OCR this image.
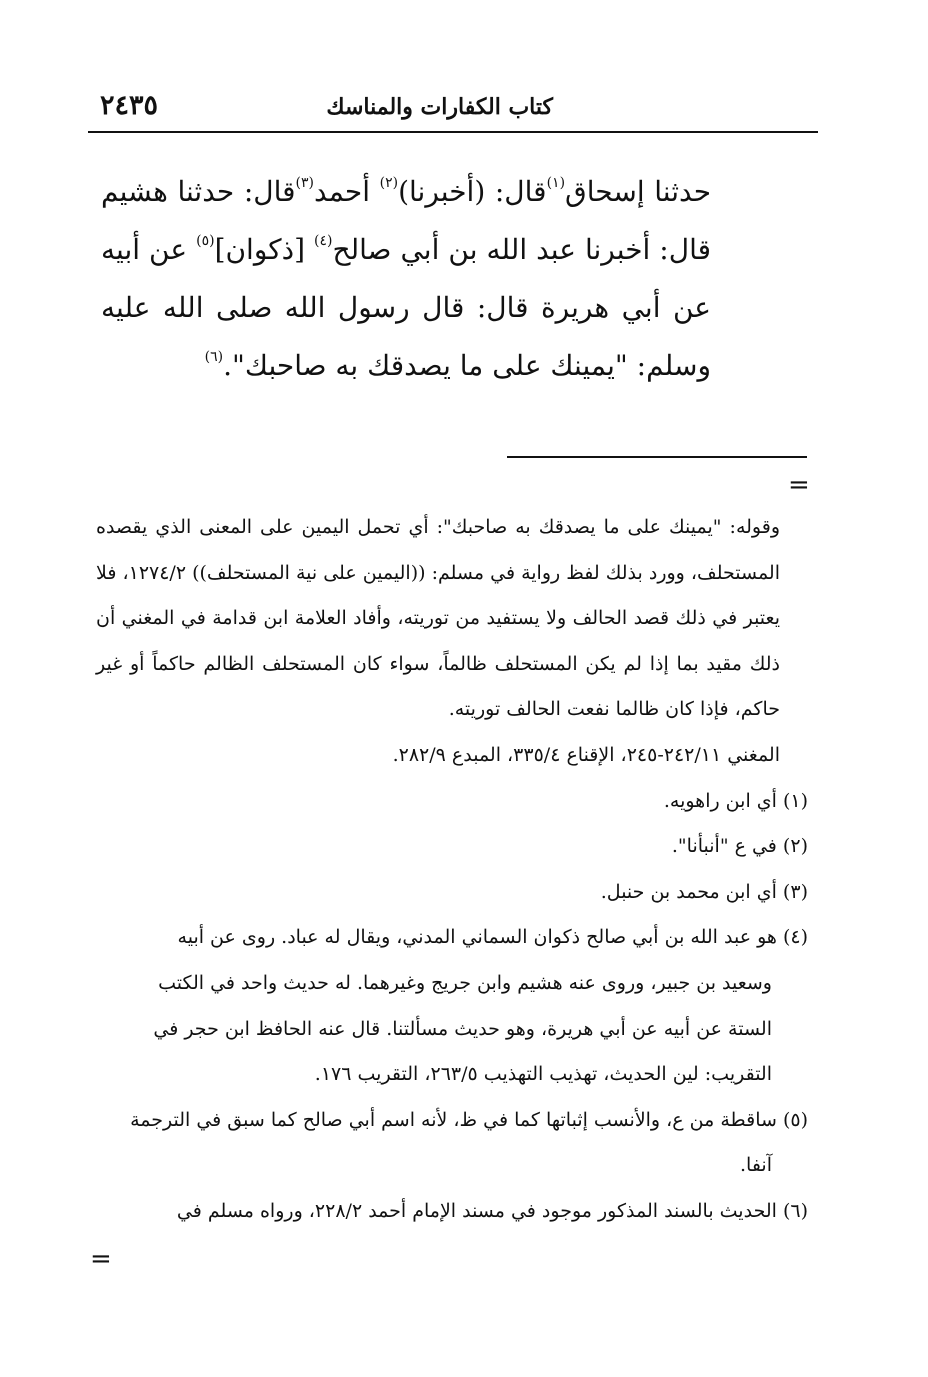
٢٤٣٥	كتاب الكفارات والمناسك

حدثنا إسحاق$^{(١)}$قال: (أخبرنا)$^{(٢)}$ أحمد$^{(٣)}$قال: حدثنا هشيم قال: أخبرنا عبد الله بن أبي صالح$^{(٤)}$ [ذكوان]$^{(٥)}$ عن أبيه عن أبي هريرة قال: قال رسول الله صلى الله عليه وسلم: "يمينك على ما يصدقك به صاحبك".$^{(٦)}$

=

وقوله: "يمينك على ما يصدقك به صاحبك": أي تحمل اليمين على المعنى الذي يقصده المستحلف، وورد بذلك لفظ رواية في مسلم: ((اليمين على نية المستحلف)) ١٢٧٤/٢، فلا يعتبر في ذلك قصد الحالف ولا يستفيد من توريته، وأفاد العلامة ابن قدامة في المغني أن ذلك مقيد بما إذا لم يكن المستحلف ظالماً، سواء كان المستحلف الظالم حاكماً أو غير حاكم، فإذا كان ظالما نفعت الحالف توريته.

المغني ٢٤٢/١١-٢٤٥، الإقناع ٣٣٥/٤، المبدع ٢٨٢/٩.

(١) أي ابن راهويه.

(٢) في ع "أنبأنا".

(٣) أي ابن محمد بن حنبل.

(٤) هو عبد الله بن أبي صالح ذكوان السماني المدني، ويقال له عباد. روى عن أبيه
وسعيد بن جبير، وروى عنه هشيم وابن جريج وغيرهما. له حديث واحد في الكتب
الستة عن أبيه عن أبي هريرة، وهو حديث مسألتنا. قال عنه الحافظ ابن حجر في
التقريب: لين الحديث، تهذيب التهذيب ٢٦٣/٥، التقريب ١٧٦.

(٥) ساقطة من ع، والأنسب إثباتها كما في ظ، لأنه اسم أبي صالح كما سبق في الترجمة
آنفا.

(٦) الحديث بالسند المذكور موجود في مسند الإمام أحمد ٢٢٨/٢، ورواه مسلم في

=
